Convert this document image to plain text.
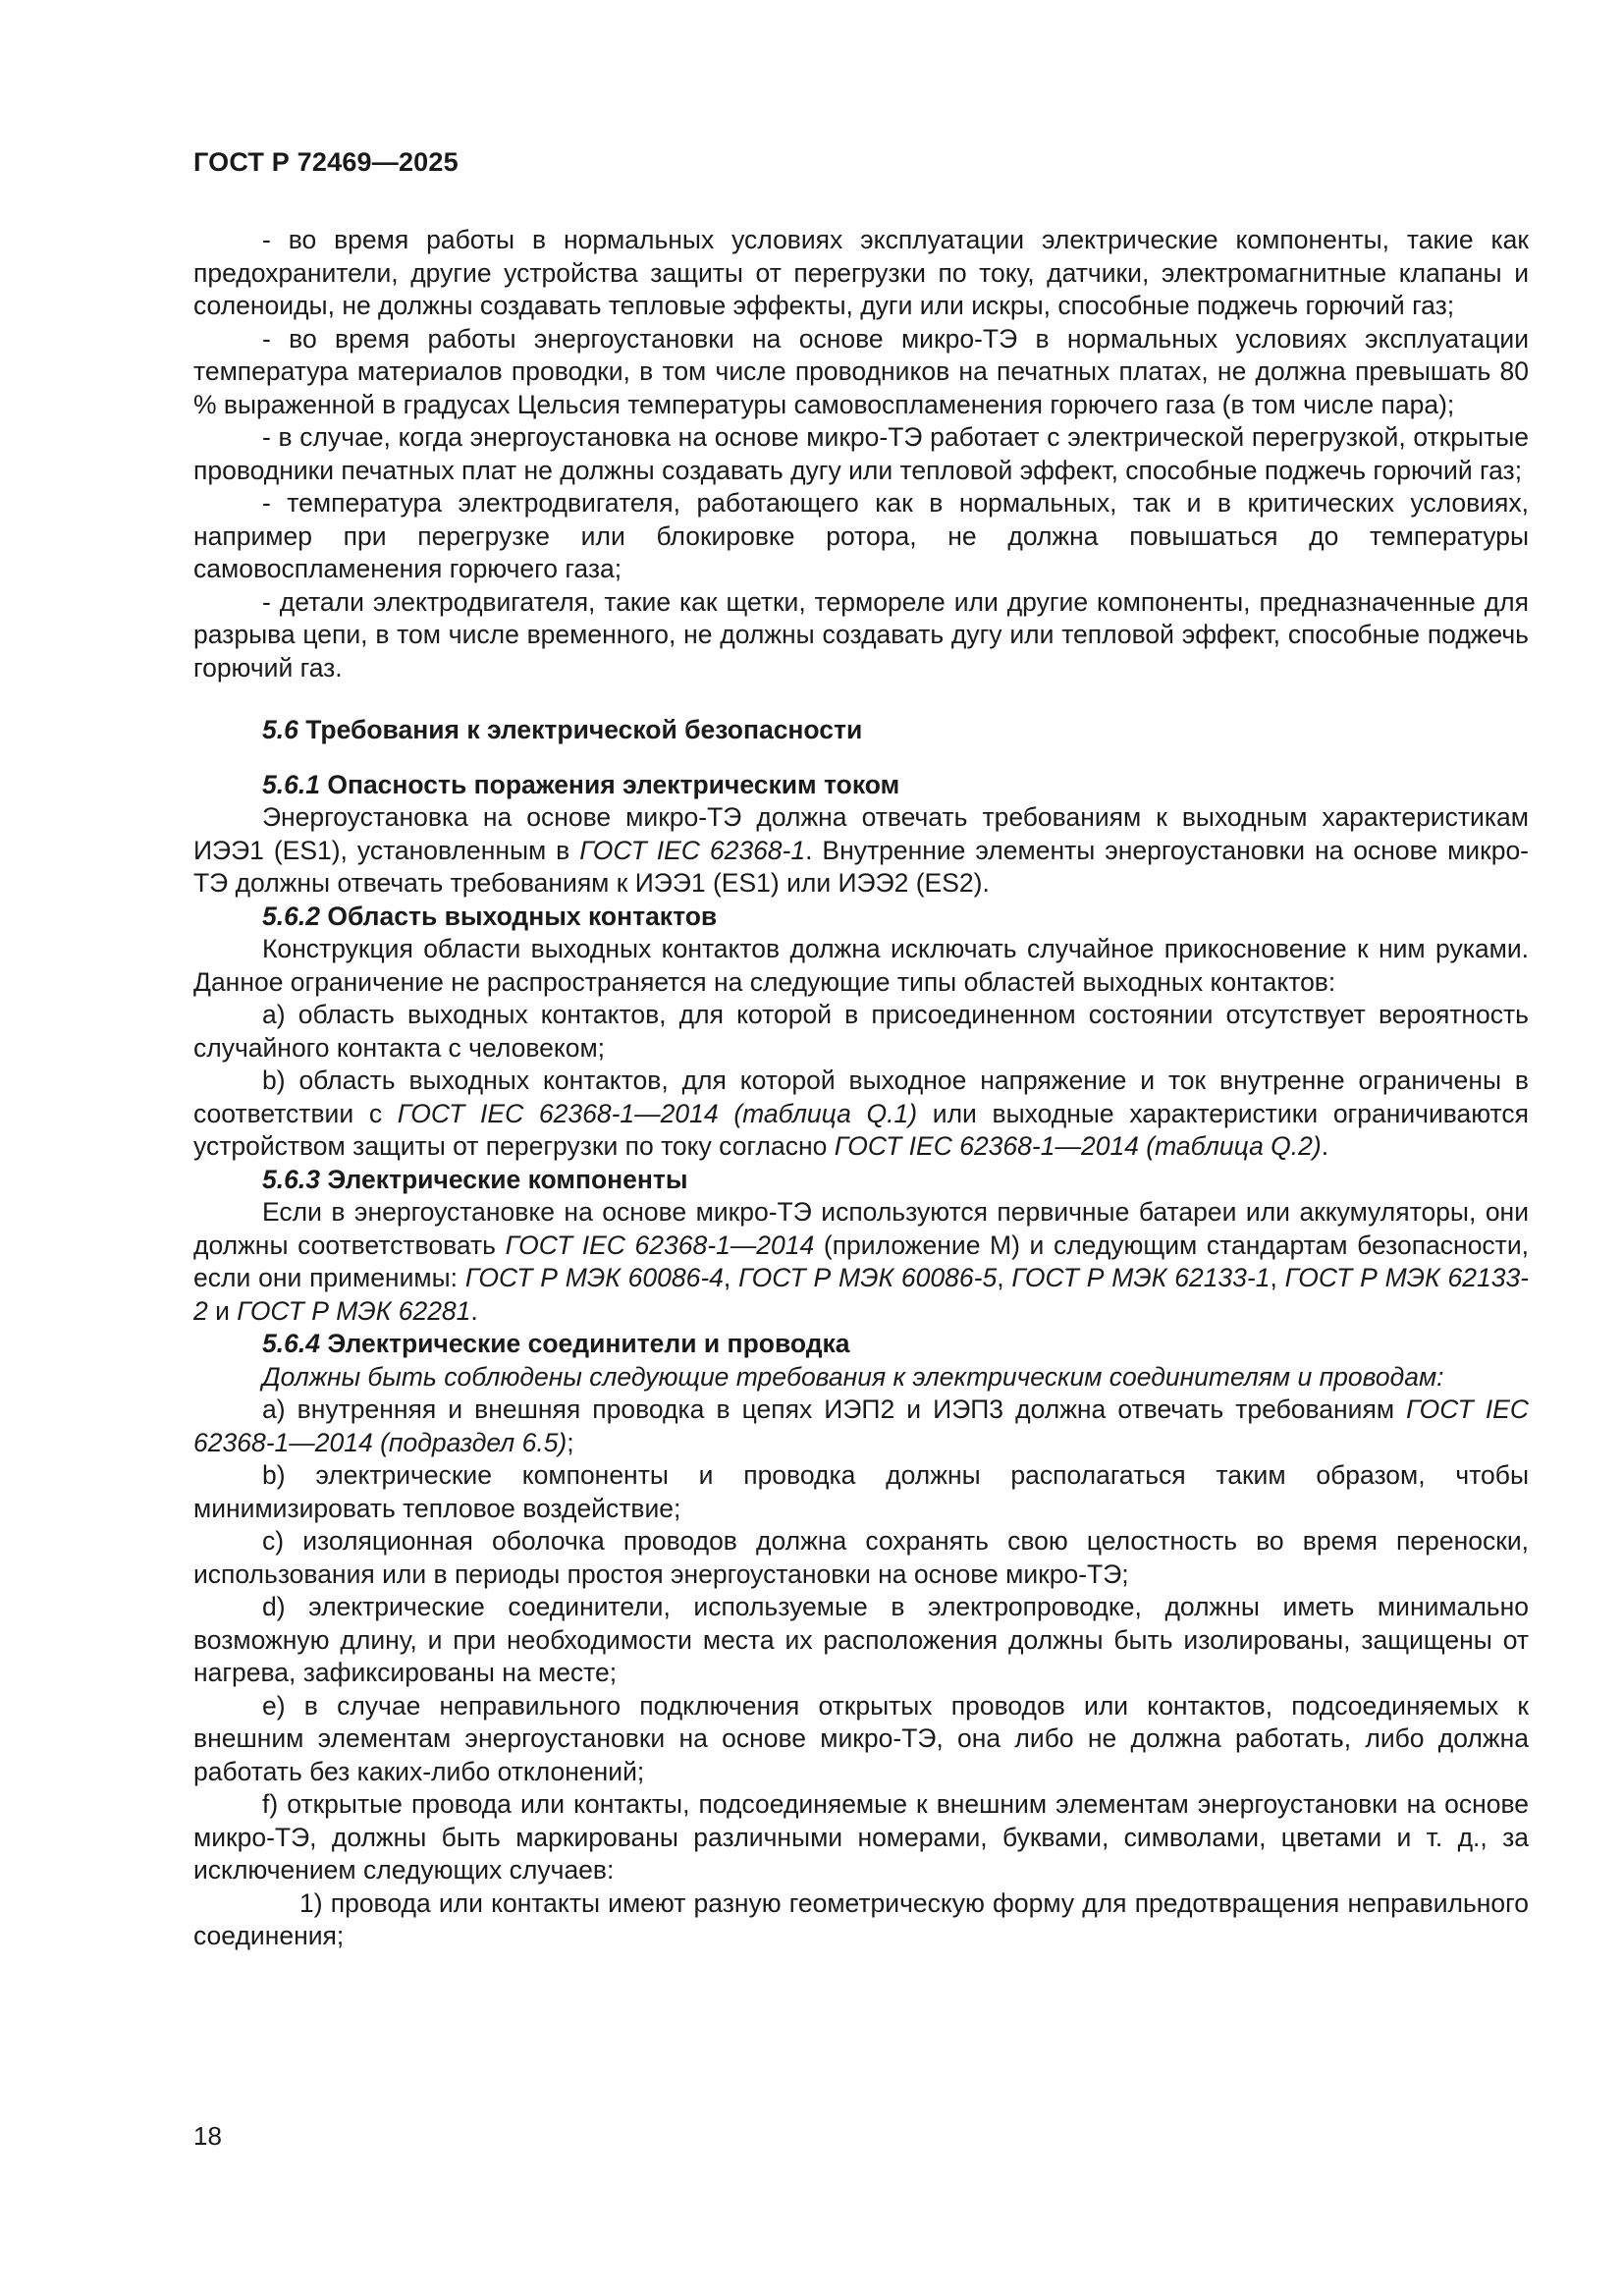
ГОСТ Р 72469—2025

- во время работы в нормальных условиях эксплуатации электрические компоненты, такие как предохранители, другие устройства защиты от перегрузки по току, датчики, электромагнитные клапаны и соленоиды, не должны создавать тепловые эффекты, дуги или искры, способные поджечь горючий газ;

- во время работы энергоустановки на основе микро-ТЭ в нормальных условиях эксплуатации температура материалов проводки, в том числе проводников на печатных платах, не должна превышать 80 % выраженной в градусах Цельсия температуры самовоспламенения горючего газа (в том числе пара);

- в случае, когда энергоустановка на основе микро-ТЭ работает с электрической перегрузкой, открытые проводники печатных плат не должны создавать дугу или тепловой эффект, способные поджечь горючий газ;

- температура электродвигателя, работающего как в нормальных, так и в критических условиях, например при перегрузке или блокировке ротора, не должна повышаться до температуры самовоспламенения горючего газа;

- детали электродвигателя, такие как щетки, термореле или другие компоненты, предназначенные для разрыва цепи, в том числе временного, не должны создавать дугу или тепловой эффект, способные поджечь горючий газ.

5.6 Требования к электрической безопасности

5.6.1 Опасность поражения электрическим током

Энергоустановка на основе микро-ТЭ должна отвечать требованиям к выходным характеристикам ИЭЭ1 (ES1), установленным в ГОСТ IEC 62368-1. Внутренние элементы энергоустановки на основе микро-ТЭ должны отвечать требованиям к ИЭЭ1 (ES1) или ИЭЭ2 (ES2).

5.6.2 Область выходных контактов

Конструкция области выходных контактов должна исключать случайное прикосновение к ним руками. Данное ограничение не распространяется на следующие типы областей выходных контактов:

a) область выходных контактов, для которой в присоединенном состоянии отсутствует вероятность случайного контакта с человеком;

b) область выходных контактов, для которой выходное напряжение и ток внутренне ограничены в соответствии с ГОСТ IEC 62368-1—2014 (таблица Q.1) или выходные характеристики ограничиваются устройством защиты от перегрузки по току согласно ГОСТ IEC 62368-1—2014 (таблица Q.2).

5.6.3 Электрические компоненты

Если в энергоустановке на основе микро-ТЭ используются первичные батареи или аккумуляторы, они должны соответствовать ГОСТ IEC 62368-1—2014 (приложение М) и следующим стандартам безопасности, если они применимы: ГОСТ Р МЭК 60086-4, ГОСТ Р МЭК 60086-5, ГОСТ Р МЭК 62133-1, ГОСТ Р МЭК 62133-2 и ГОСТ Р МЭК 62281.

5.6.4 Электрические соединители и проводка

Должны быть соблюдены следующие требования к электрическим соединителям и проводам:

a) внутренняя и внешняя проводка в цепях ИЭП2 и ИЭП3 должна отвечать требованиям ГОСТ IEC 62368-1—2014 (подраздел 6.5);

b) электрические компоненты и проводка должны располагаться таким образом, чтобы минимизировать тепловое воздействие;

c) изоляционная оболочка проводов должна сохранять свою целостность во время переноски, использования или в периоды простоя энергоустановки на основе микро-ТЭ;

d) электрические соединители, используемые в электропроводке, должны иметь минимально возможную длину, и при необходимости места их расположения должны быть изолированы, защищены от нагрева, зафиксированы на месте;

e) в случае неправильного подключения открытых проводов или контактов, подсоединяемых к внешним элементам энергоустановки на основе микро-ТЭ, она либо не должна работать, либо должна работать без каких-либо отклонений;

f) открытые провода или контакты, подсоединяемые к внешним элементам энергоустановки на основе микро-ТЭ, должны быть маркированы различными номерами, буквами, символами, цветами и т. д., за исключением следующих случаев:

1) провода или контакты имеют разную геометрическую форму для предотвращения неправильного соединения;

18
